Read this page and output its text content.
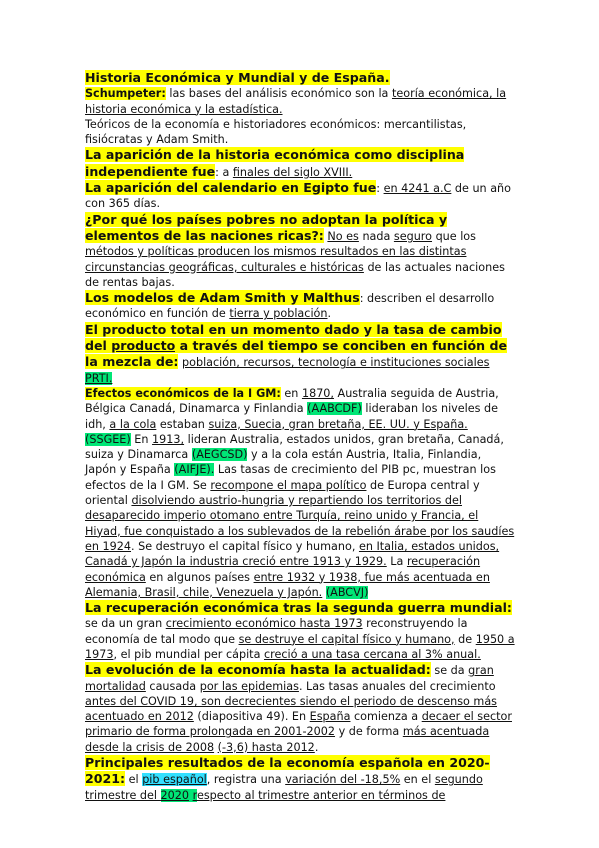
Historia Económica y Mundial y de España.

Schumpeter: las bases del análisis económico son la teoría económica, la historia económica y la estadística.

Teóricos de la economía e historiadores económicos: mercantilistas, fisiócratas y Adam Smith.

La aparición de la historia económica como disciplina independiente fue: a finales del siglo XVIII.

La aparición del calendario en Egipto fue: en 4241 a.C de un año con 365 días.

¿Por qué los países pobres no adoptan la política y elementos de las naciones ricas?: No es nada seguro que los métodos y políticas producen los mismos resultados en las distintas circunstancias geográficas, culturales e históricas de las actuales naciones de rentas bajas.

Los modelos de Adam Smith y Malthus: describen el desarrollo económico en función de tierra y población.

El producto total en un momento dado y la tasa de cambio del producto a través del tiempo se conciben en función de la mezcla de: población, recursos, tecnología e instituciones sociales PRTI.

Efectos económicos de la I GM: en 1870, Australia seguida de Austria, Bélgica Canadá, Dinamarca y Finlandia (AABCDF) lideraban los niveles de idh, a la cola estaban suiza, Suecia, gran bretaña, EE. UU. y España. (SSGEE) En 1913, lideran Australia, estados unidos, gran bretaña, Canadá, suiza y Dinamarca (AEGCSD) y a la cola están Austria, Italia, Finlandia, Japón y España (AIFJE). Las tasas de crecimiento del PIB pc, muestran los efectos de la I GM. Se recompone el mapa político de Europa central y oriental disolviendo austrio-hungria y repartiendo los territorios del desaparecido imperio otomano entre Turquía, reino unido y Francia, el Hiyad, fue conquistado a los sublevados de la rebelión árabe por los saudíes en 1924. Se destruyo el capital físico y humano, en Italia, estados unidos, Canadá y Japón la industria creció entre 1913 y 1929. La recuperación económica en algunos países entre 1932 y 1938, fue más acentuada en Alemania, Brasil, chile, Venezuela y Japón. (ABCVJ)

La recuperación económica tras la segunda guerra mundial: se da un gran crecimiento económico hasta 1973 reconstruyendo la economía de tal modo que se destruye el capital físico y humano, de 1950 a 1973, el pib mundial per cápita creció a una tasa cercana al 3% anual.

La evolución de la economía hasta la actualidad: se da gran mortalidad causada por las epidemias. Las tasas anuales del crecimiento antes del COVID 19, son decrecientes siendo el periodo de descenso más acentuado en 2012 (diapositiva 49). En España comienza a decaer el sector primario de forma prolongada en 2001-2002 y de forma más acentuada desde la crisis de 2008 (-3,6) hasta 2012.

Principales resultados de la economía española en 2020-2021: el pib español, registra una variación del -18,5% en el segundo trimestre del 2020 respecto al trimestre anterior en términos de
